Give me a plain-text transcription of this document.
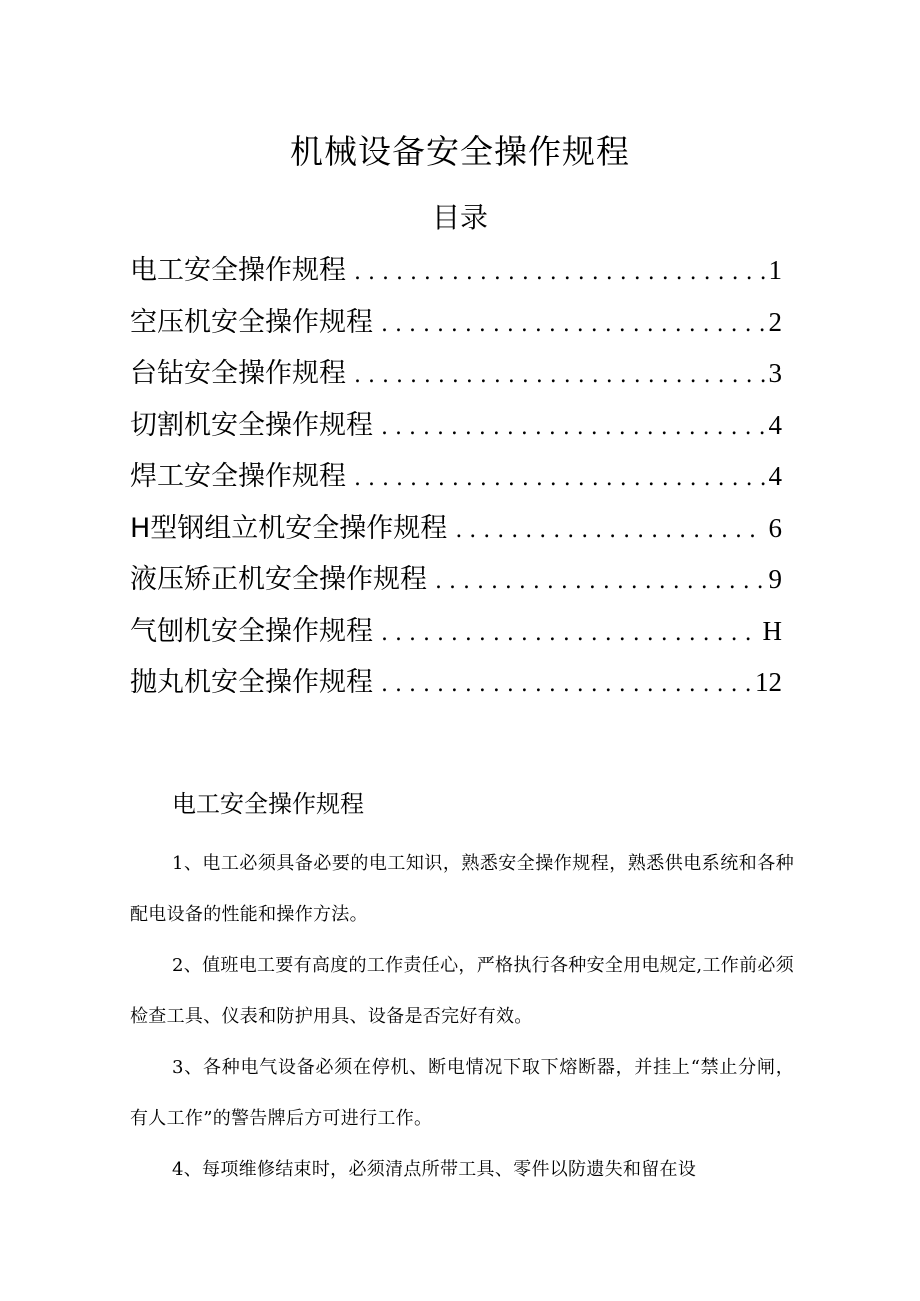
机械设备安全操作规程
目录
电工安全操作规程 . . .	1
空压机安全操作规程 . . .	2
台钻安全操作规程 . . .	3
切割机安全操作规程 . . .	4
焊工安全操作规程 . . .	4
H型钢组立机安全操作规程 . . .	6
液压矫正机安全操作规程 . . .	9
气刨机安全操作规程 . . .	H
抛丸机安全操作规程 . . .	12
电工安全操作规程

1、电工必须具备必要的电工知识，熟悉安全操作规程，熟悉供电系统和各种配电设备的性能和操作方法。

2、值班电工要有高度的工作责任心，严格执行各种安全用电规定,工作前必须检查工具、仪表和防护用具、设备是否完好有效。

3、各种电气设备必须在停机、断电情况下取下熔断器，并挂上“禁止分闸，有人工作”的警告牌后方可进行工作。

4、每项维修结束时，必须清点所带工具、零件以防遗失和留在设
